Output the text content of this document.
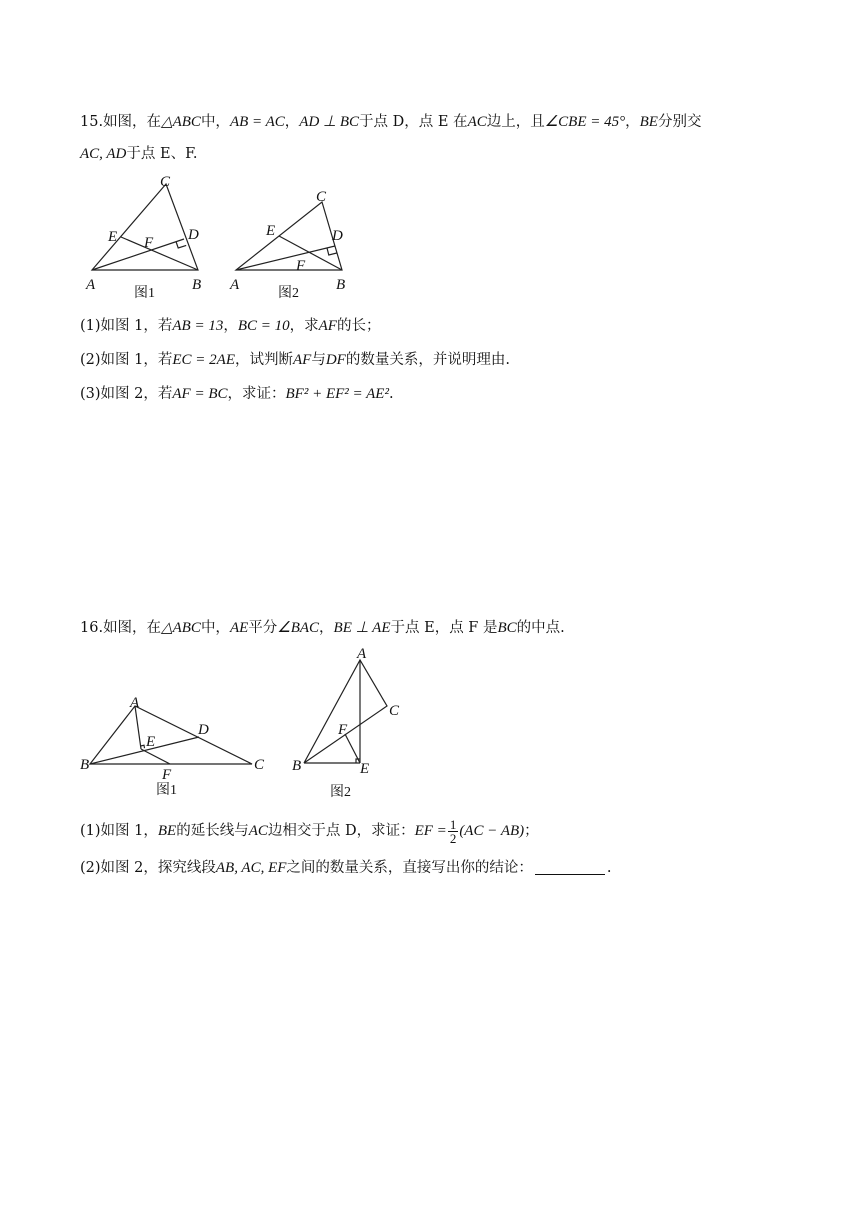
15.如图，在△ABC中，AB = AC，AD ⊥ BC于点 D，点 E 在AC边上，且∠CBE = 45°，BE分别交
AC, AD于点 E、F.
C
E F D
A	B
图1
C
E	D
F
A	B
图2
(1)如图 1，若AB = 13，BC = 10，求AF的长；
(2)如图 1，若EC = 2AE，试判断AF与DF的数量关系，并说明理由.
(3)如图 2，若AF = BC，求证：BF² + EF² = AE².
16.如图，在△ABC中，AE平分∠BAC，BE ⊥ AE于点 E，点 F 是BC的中点.
A
D
E
B	C
F
图1
A
C
F
B	E
图2
(1)如图 1，BE的延长线与AC边相交于点 D，求证：EF = $\frac{1}{2} (AC - AB)$；
(2)如图 2，探究线段AB, AC, EF之间的数量关系，直接写出你的结论：	.
